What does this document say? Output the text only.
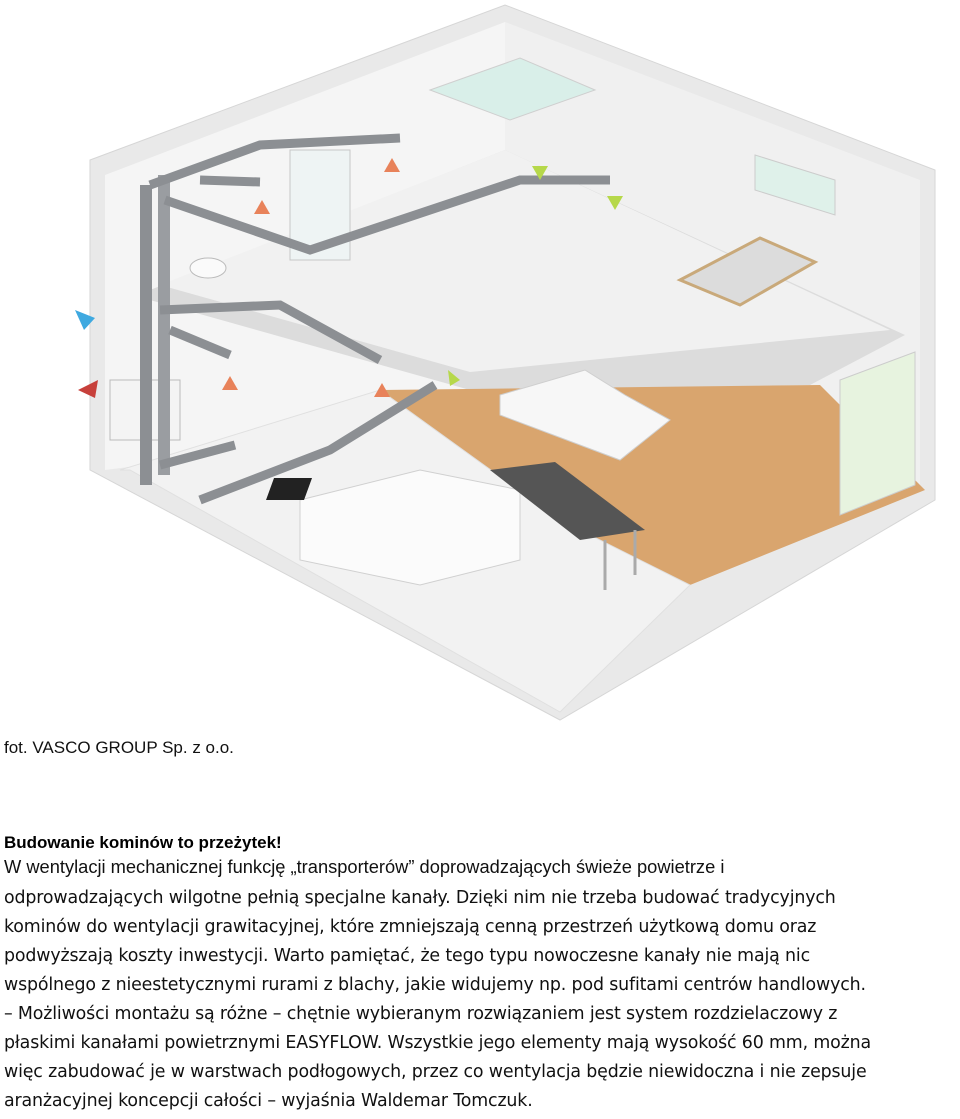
fot. VASCO GROUP Sp. z o.o.

Budowanie kominów to przeżytek!

W wentylacji mechanicznej funkcję „transporterów” doprowadzających świeże powietrze i
odprowadzających wilgotne pełnią specjalne kanały. Dzięki nim nie trzeba budować tradycyjnych
kominów do wentylacji grawitacyjnej, które zmniejszają cenną przestrzeń użytkową domu oraz
podwyższają koszty inwestycji. Warto pamiętać, że tego typu nowoczesne kanały nie mają nic
wspólnego z nieestetycznymi rurami z blachy, jakie widujemy np. pod sufitami centrów handlowych.
– Możliwości montażu są różne – chętnie wybieranym rozwiązaniem jest system rozdzielaczowy z
płaskimi kanałami powietrznymi EASYFLOW. Wszystkie jego elementy mają wysokość 60 mm, można
więc zabudować je w warstwach podłogowych, przez co wentylacja będzie niewidoczna i nie zepsuje
aranżacyjnej koncepcji całości – wyjaśnia Waldemar Tomczuk.
